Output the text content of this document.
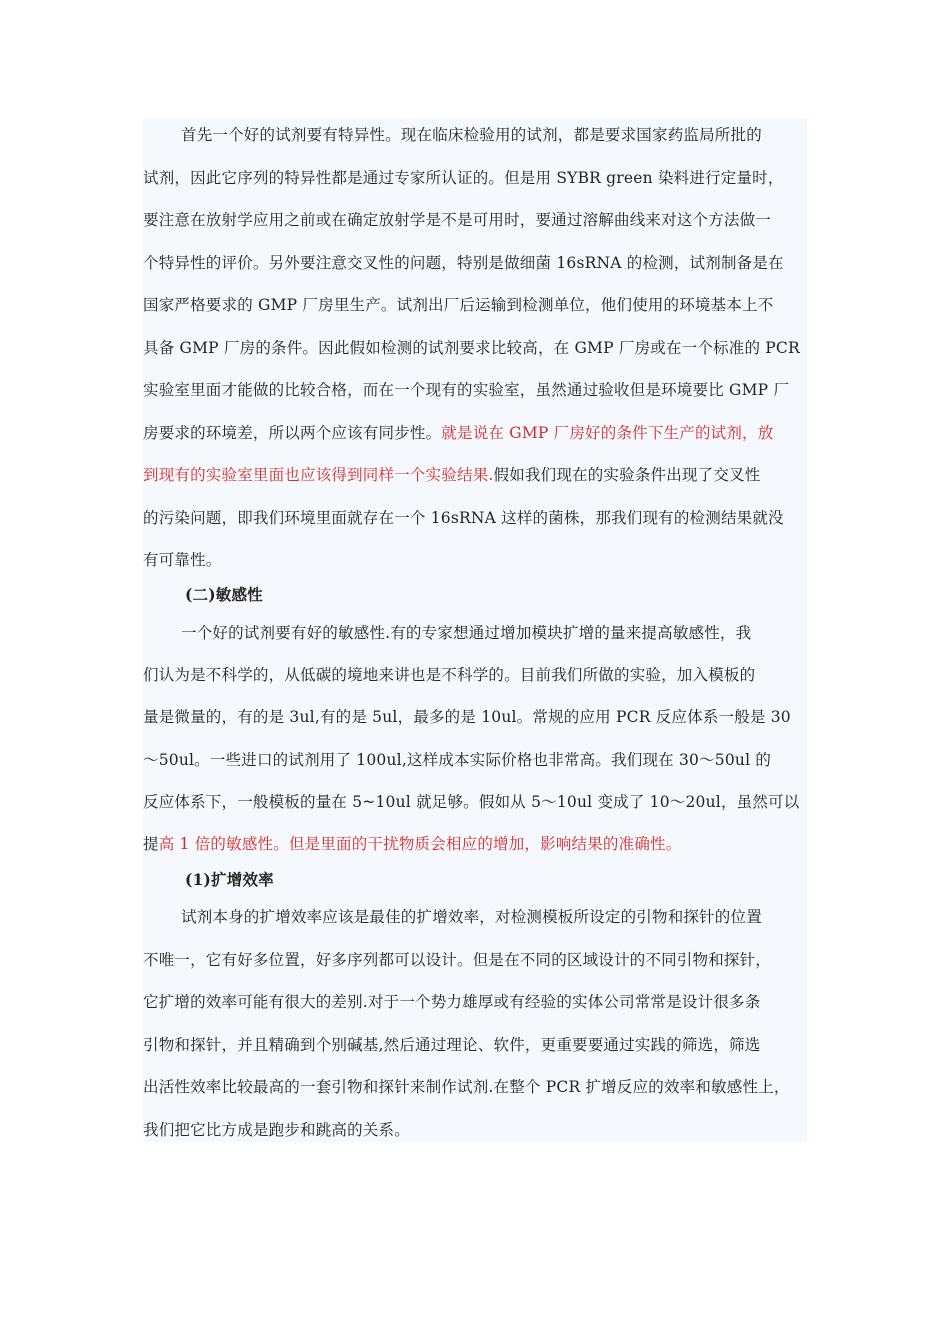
首先一个好的试剂要有特异性。现在临床检验用的试剂，都是要求国家药监局所批的
试剂，因此它序列的特异性都是通过专家所认证的。但是用 SYBR green 染料进行定量时，
要注意在放射学应用之前或在确定放射学是不是可用时，要通过溶解曲线来对这个方法做一
个特异性的评价。另外要注意交叉性的问题，特别是做细菌 16sRNA 的检测，试剂制备是在
国家严格要求的 GMP 厂房里生产。试剂出厂后运输到检测单位，他们使用的环境基本上不
具备 GMP 厂房的条件。因此假如检测的试剂要求比较高，在 GMP 厂房或在一个标准的 PCR
实验室里面才能做的比较合格，而在一个现有的实验室，虽然通过验收但是环境要比 GMP 厂
房要求的环境差，所以两个应该有同步性。就是说在 GMP 厂房好的条件下生产的试剂，放
到现有的实验室里面也应该得到同样一个实验结果.假如我们现在的实验条件出现了交叉性
的污染问题，即我们环境里面就存在一个 16sRNA 这样的菌株，那我们现有的检测结果就没
有可靠性。
(二)敏感性
一个好的试剂要有好的敏感性.有的专家想通过增加模块扩增的量来提高敏感性，我
们认为是不科学的，从低碳的境地来讲也是不科学的。目前我们所做的实验，加入模板的
量是微量的，有的是 3ul,有的是 5ul，最多的是 10ul。常规的应用 PCR 反应体系一般是 30
～50ul。一些进口的试剂用了 100ul,这样成本实际价格也非常高。我们现在 30～50ul 的
反应体系下，一般模板的量在 5~10ul 就足够。假如从 5～10ul 变成了 10～20ul，虽然可以
提高 1 倍的敏感性。但是里面的干扰物质会相应的增加，影响结果的准确性。
(1)扩增效率
试剂本身的扩增效率应该是最佳的扩增效率，对检测模板所设定的引物和探针的位置
不唯一，它有好多位置，好多序列都可以设计。但是在不同的区域设计的不同引物和探针，
它扩增的效率可能有很大的差别.对于一个势力雄厚或有经验的实体公司常常是设计很多条
引物和探针，并且精确到个别碱基,然后通过理论、软件，更重要要通过实践的筛选，筛选
出活性效率比较最高的一套引物和探针来制作试剂.在整个 PCR 扩增反应的效率和敏感性上，
我们把它比方成是跑步和跳高的关系。
